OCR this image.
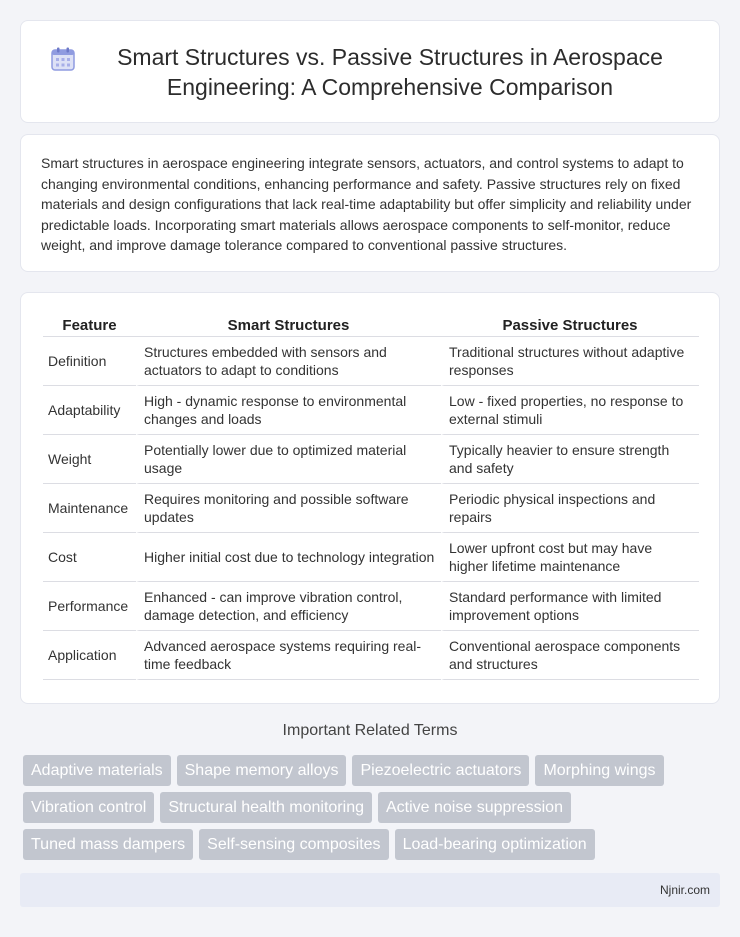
Smart Structures vs. Passive Structures in Aerospace Engineering: A Comprehensive Comparison

Smart structures in aerospace engineering integrate sensors, actuators, and control systems to adapt to changing environmental conditions, enhancing performance and safety. Passive structures rely on fixed materials and design configurations that lack real-time adaptability but offer simplicity and reliability under predictable loads. Incorporating smart materials allows aerospace components to self-monitor, reduce weight, and improve damage tolerance compared to conventional passive structures.

Feature	Smart Structures	Passive Structures
Definition	Structures embedded with sensors and actuators to adapt to conditions	Traditional structures without adaptive responses
Adaptability	High - dynamic response to environmental changes and loads	Low - fixed properties, no response to external stimuli
Weight	Potentially lower due to optimized material usage	Typically heavier to ensure strength and safety
Maintenance	Requires monitoring and possible software updates	Periodic physical inspections and repairs
Cost	Higher initial cost due to technology integration	Lower upfront cost but may have higher lifetime maintenance
Performance	Enhanced - can improve vibration control, damage detection, and efficiency	Standard performance with limited improvement options
Application	Advanced aerospace systems requiring real-time feedback	Conventional aerospace components and structures
Important Related Terms
Adaptive materials	Shape memory alloys	Piezoelectric actuators	Morphing wings
Vibration control	Structural health monitoring	Active noise suppression
Tuned mass dampers	Self-sensing composites	Load-bearing optimization
Njnir.com
